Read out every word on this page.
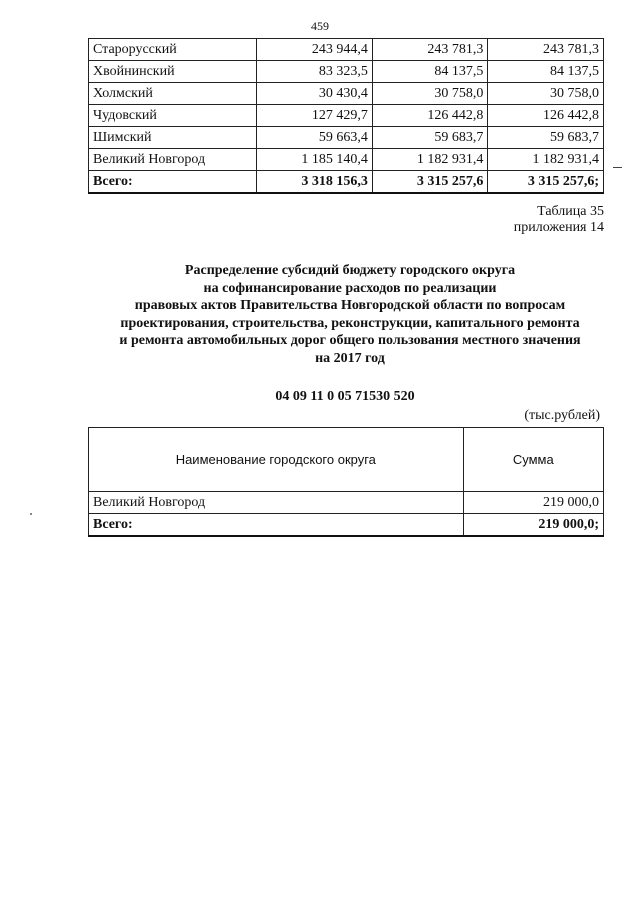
459
Старорусский	243 944,4	243 781,3	243 781,3
Хвойнинский	83 323,5	84 137,5	84 137,5
Холмский	30 430,4	30 758,0	30 758,0
Чудовский	127 429,7	126 442,8	126 442,8
Шимский	59 663,4	59 683,7	59 683,7
Великий Новгород	1 185 140,4	1 182 931,4	1 182 931,4
Всего:	3 318 156,3	3 315 257,6	3 315 257,6;
Таблица 35
приложения 14
Распределение субсидий бюджету городского округа
на софинансирование расходов по реализации
правовых актов Правительства Новгородской области по вопросам
проектирования, строительства, реконструкции, капитального ремонта
и ремонта автомобильных дорог общего пользования местного значения
на 2017 год
04 09 11 0 05 71530 520
(тыс.рублей)
Наименование городского округа	Сумма
Великий Новгород	219 000,0
Всего:	219 000,0;
